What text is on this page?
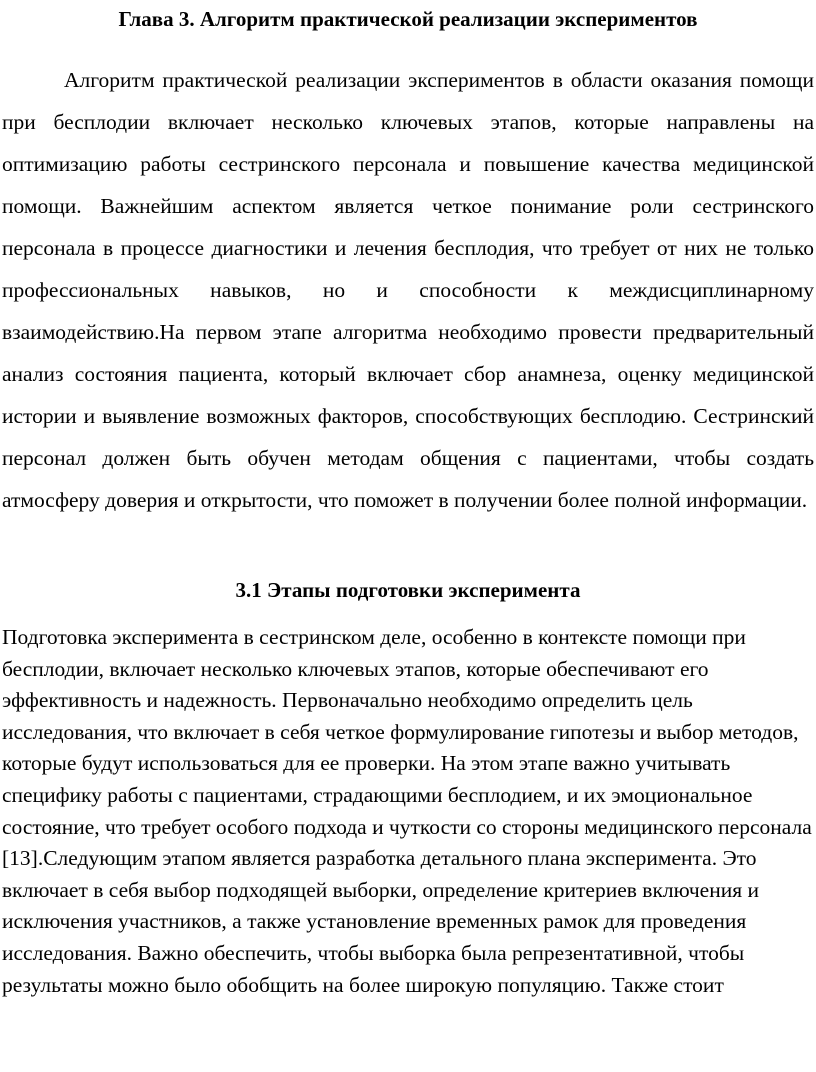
Глава 3. Алгоритм практической реализации экспериментов

Алгоритм практической реализации экспериментов в области оказания помощи при бесплодии включает несколько ключевых этапов, которые направлены на оптимизацию работы сестринского персонала и повышение качества медицинской помощи. Важнейшим аспектом является четкое понимание роли сестринского персонала в процессе диагностики и лечения бесплодия, что требует от них не только профессиональных навыков, но и способности к междисциплинарному взаимодействию.На первом этапе алгоритма необходимо провести предварительный анализ состояния пациента, который включает сбор анамнеза, оценку медицинской истории и выявление возможных факторов, способствующих бесплодию. Сестринский персонал должен быть обучен методам общения с пациентами, чтобы создать атмосферу доверия и открытости, что поможет в получении более полной информации.

3.1 Этапы подготовки эксперимента

Подготовка эксперимента в сестринском деле, особенно в контексте помощи при бесплодии, включает несколько ключевых этапов, которые обеспечивают его эффективность и надежность. Первоначально необходимо определить цель исследования, что включает в себя четкое формулирование гипотезы и выбор методов, которые будут использоваться для ее проверки. На этом этапе важно учитывать специфику работы с пациентами, страдающими бесплодием, и их эмоциональное состояние, что требует особого подхода и чуткости со стороны медицинского персонала [13].Следующим этапом является разработка детального плана эксперимента. Это включает в себя выбор подходящей выборки, определение критериев включения и исключения участников, а также установление временных рамок для проведения исследования. Важно обеспечить, чтобы выборка была репрезентативной, чтобы результаты можно было обобщить на более широкую популяцию. Также стоит
